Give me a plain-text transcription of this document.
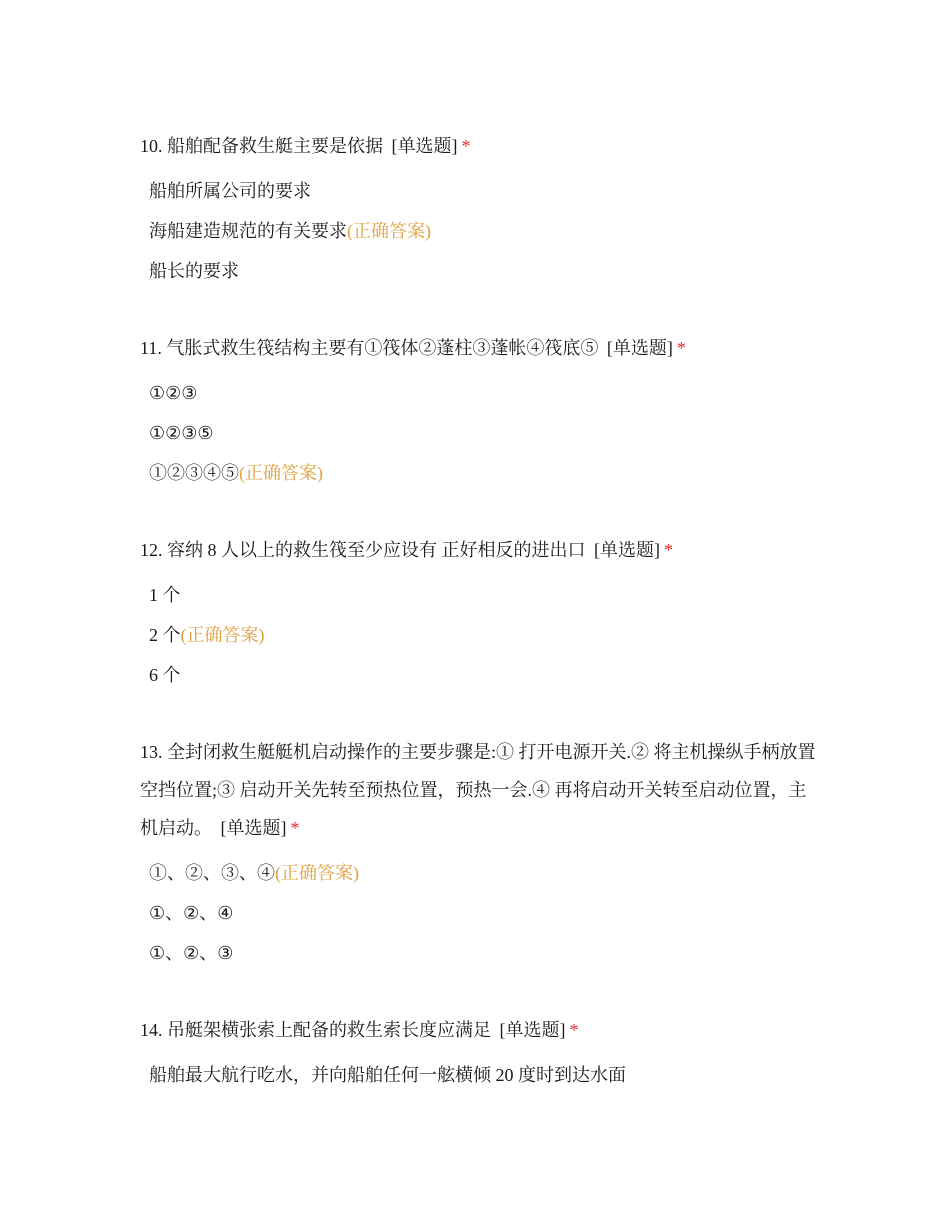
10. 船舶配备救生艇主要是依据 [单选题] *

船舶所属公司的要求
海船建造规范的有关要求(正确答案)
船长的要求

11. 气胀式救生筏结构主要有①筏体②蓬柱③蓬帐④筏底⑤ [单选题] *

①②③
①②③⑤
①②③④⑤(正确答案)

12. 容纳 8 人以上的救生筏至少应设有 正好相反的进出口 [单选题] *

1 个
2 个(正确答案)
6 个

13. 全封闭救生艇艇机启动操作的主要步骤是:① 打开电源开关.② 将主机操纵手柄放置空挡位置;③ 启动开关先转至预热位置，预热一会.④ 再将启动开关转至启动位置，主机启动。 [单选题] *

①、②、③、④(正确答案)
①、②、④
①、②、③

14. 吊艇架横张索上配备的救生索长度应满足 [单选题] *

船舶最大航行吃水，并向船舶任何一舷横倾 20 度时到达水面
